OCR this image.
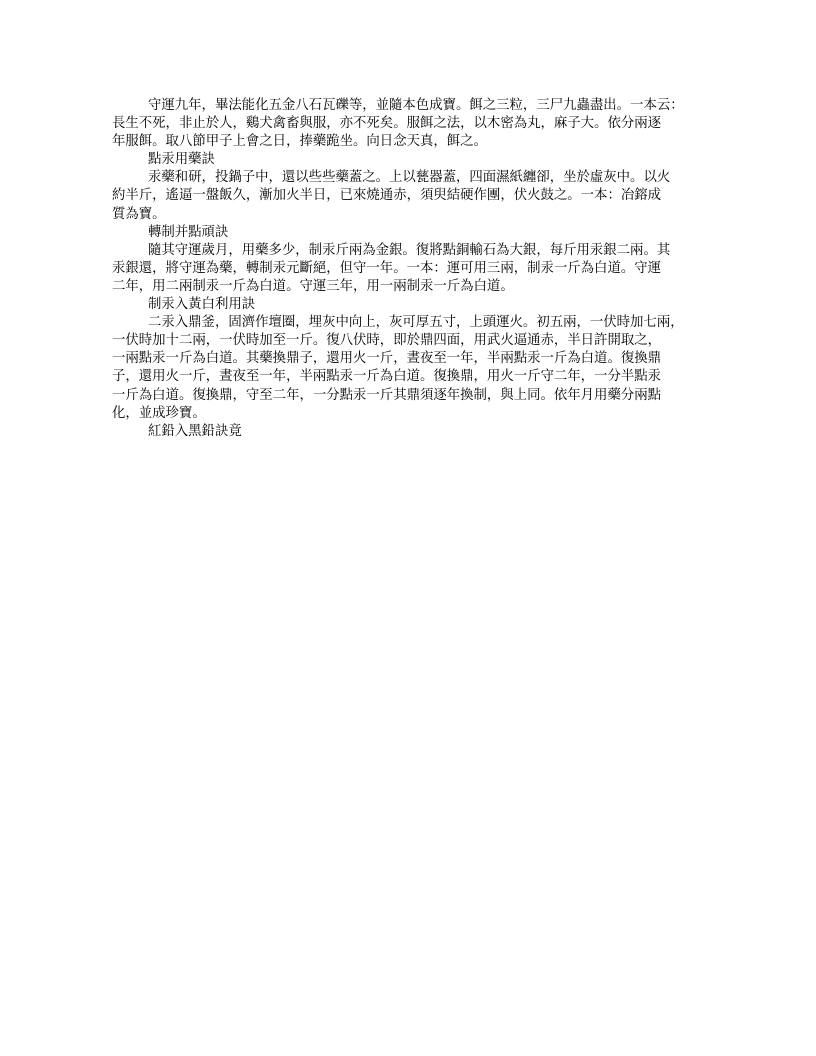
守運九年，畢法能化五金八石瓦礫等，並隨本色成寶。餌之三粒，三尸九蟲盡出。一本云：
長生不死，非止於人，鷄犬禽畜與服，亦不死矣。服餌之法，以木密為丸，麻子大。依分兩逐
年服餌。取八節甲子上會之日，捧藥跪坐。向日念天真，餌之。
點汞用藥訣
汞藥和研，投鍋子中，還以些些藥蓋之。上以甆器蓋，四面濕紙纏卻，坐於虛灰中。以火
約半斤，遙逼一盤飯久，漸加火半日，已來燒通赤，須臾結硬作團，伏火鼓之。一本：冶鎔成
質為寶。
轉制并點頑訣
隨其守運歲月，用藥多少，制汞斤兩為金銀。復將點銅輸石為大銀，每斤用汞銀二兩。其
汞銀還，將守運為藥，轉制汞元斷絕，但守一年。一本：運可用三兩，制汞一斤為白道。守運
二年，用二兩制汞一斤為白道。守運三年，用一兩制汞一斤為白道。
制汞入黃白利用訣
二汞入鼎釜，固濟作壇圈，埋灰中向上，灰可厚五寸，上頭運火。初五兩，一伏時加七兩，
一伏時加十二兩，一伏時加至一斤。復八伏時，即於鼎四面，用武火逼通赤，半日許開取之，
一兩點汞一斤為白道。其藥換鼎子，還用火一斤，晝夜至一年，半兩點汞一斤為白道。復換鼎
子，還用火一斤，晝夜至一年，半兩點汞一斤為白道。復換鼎，用火一斤守二年，一分半點汞
一斤為白道。復換鼎，守至二年，一分點汞一斤其鼎須逐年換制，與上同。依年月用藥分兩點
化，並成珍寶。
紅鉛入黑鉛訣竟
